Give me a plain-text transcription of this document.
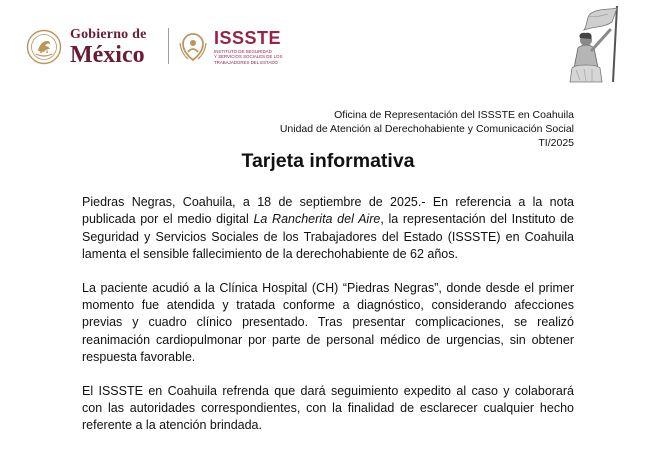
Gobierno de
México
ISSSTE
INSTITUTO DE SEGURIDAD
Y SERVICIOS SOCIALES DE LOS
TRABAJADORES DEL ESTADO
Oficina de Representación del ISSSTE en Coahuila
Unidad de Atención al Derechohabiente y Comunicación Social
TI/2025
Tarjeta informativa

Piedras Negras, Coahuila, a 18 de septiembre de 2025.- En referencia a la nota publicada por el medio digital La Rancherita del Aire, la representación del Instituto de Seguridad y Servicios Sociales de los Trabajadores del Estado (ISSSTE) en Coahuila lamenta el sensible fallecimiento de la derechohabiente de 62 años.

La paciente acudió a la Clínica Hospital (CH) “Piedras Negras”, donde desde el primer momento fue atendida y tratada conforme a diagnóstico, considerando afecciones previas y cuadro clínico presentado. Tras presentar complicaciones, se realizó reanimación cardiopulmonar por parte de personal médico de urgencias, sin obtener respuesta favorable.

El ISSSTE en Coahuila refrenda que dará seguimiento expedito al caso y colaborará con las autoridades correspondientes, con la finalidad de esclarecer cualquier hecho referente a la atención brindada.
